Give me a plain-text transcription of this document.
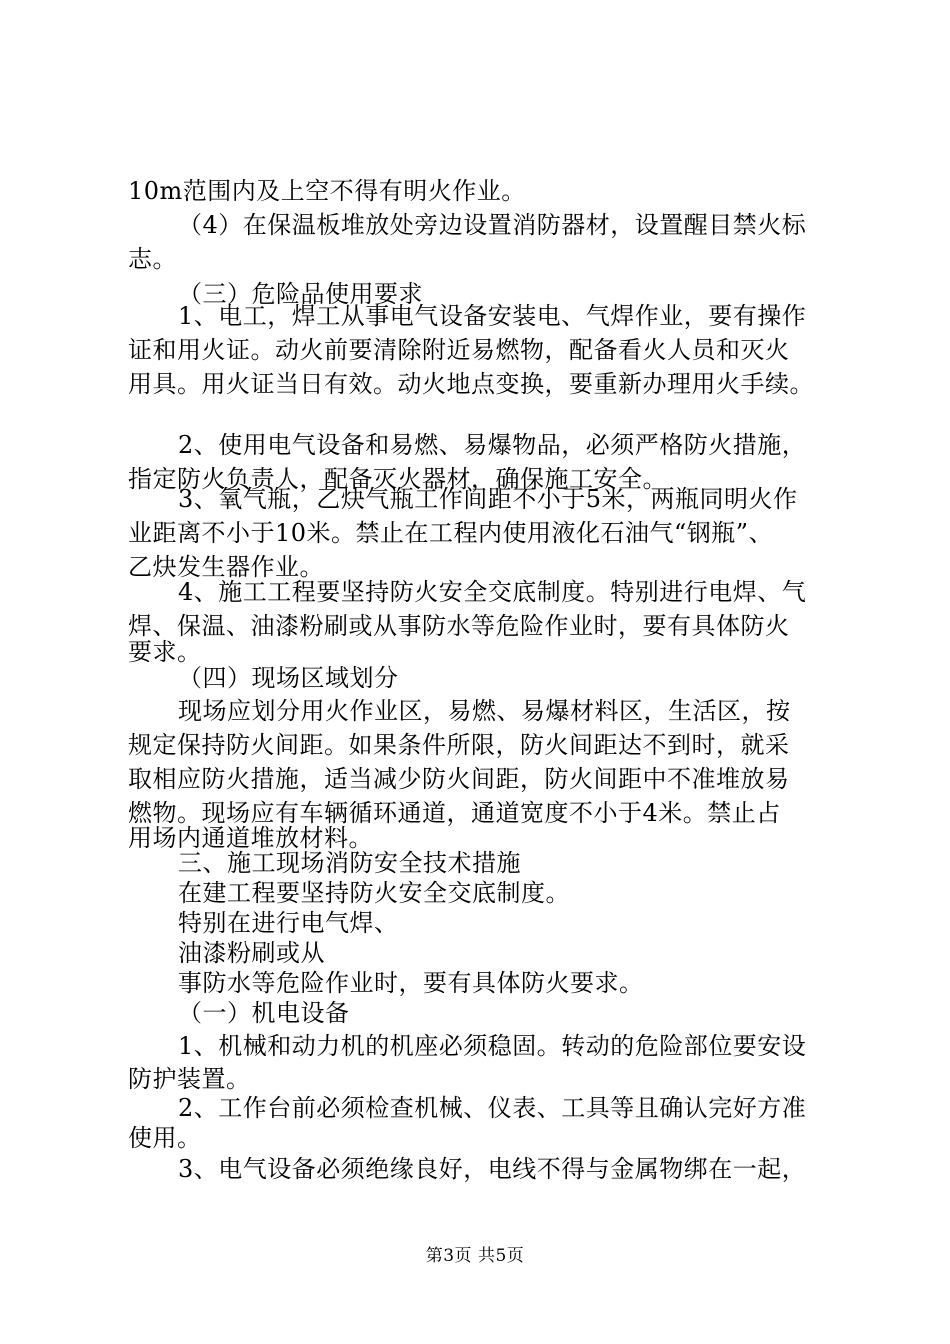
10m范围内及上空不得有明火作业。
（4）在保温板堆放处旁边设置消防器材，设置醒目禁火标
志。
（三）危险品使用要求
1、电工，焊工从事电气设备安装电、气焊作业，要有操作
证和用火证。动火前要清除附近易燃物，配备看火人员和灭火
用具。用火证当日有效。动火地点变换，要重新办理用火手续。
2、使用电气设备和易燃、易爆物品，必须严格防火措施，
指定防火负责人，配备灭火器材，确保施工安全。
3、氧气瓶，乙炔气瓶工作间距不小于5米，两瓶同明火作
业距离不小于10米。禁止在工程内使用液化石油气“钢瓶”、
乙炔发生器作业。
4、施工工程要坚持防火安全交底制度。特别进行电焊、气
焊、保温、油漆粉刷或从事防水等危险作业时，要有具体防火
要求。
（四）现场区域划分
现场应划分用火作业区，易燃、易爆材料区，生活区，按
规定保持防火间距。如果条件所限，防火间距达不到时，就采
取相应防火措施，适当减少防火间距，防火间距中不准堆放易
燃物。现场应有车辆循环通道，通道宽度不小于4米。禁止占
用场内通道堆放材料。
三、施工现场消防安全技术措施
在建工程要坚持防火安全交底制度。
特别在进行电气焊、
油漆粉刷或从
事防水等危险作业时，要有具体防火要求。
（一）机电设备
1、机械和动力机的机座必须稳固。转动的危险部位要安设
防护装置。
2、工作台前必须检查机械、仪表、工具等且确认完好方准
使用。
3、电气设备必须绝缘良好，电线不得与金属物绑在一起，
第3页 共5页
